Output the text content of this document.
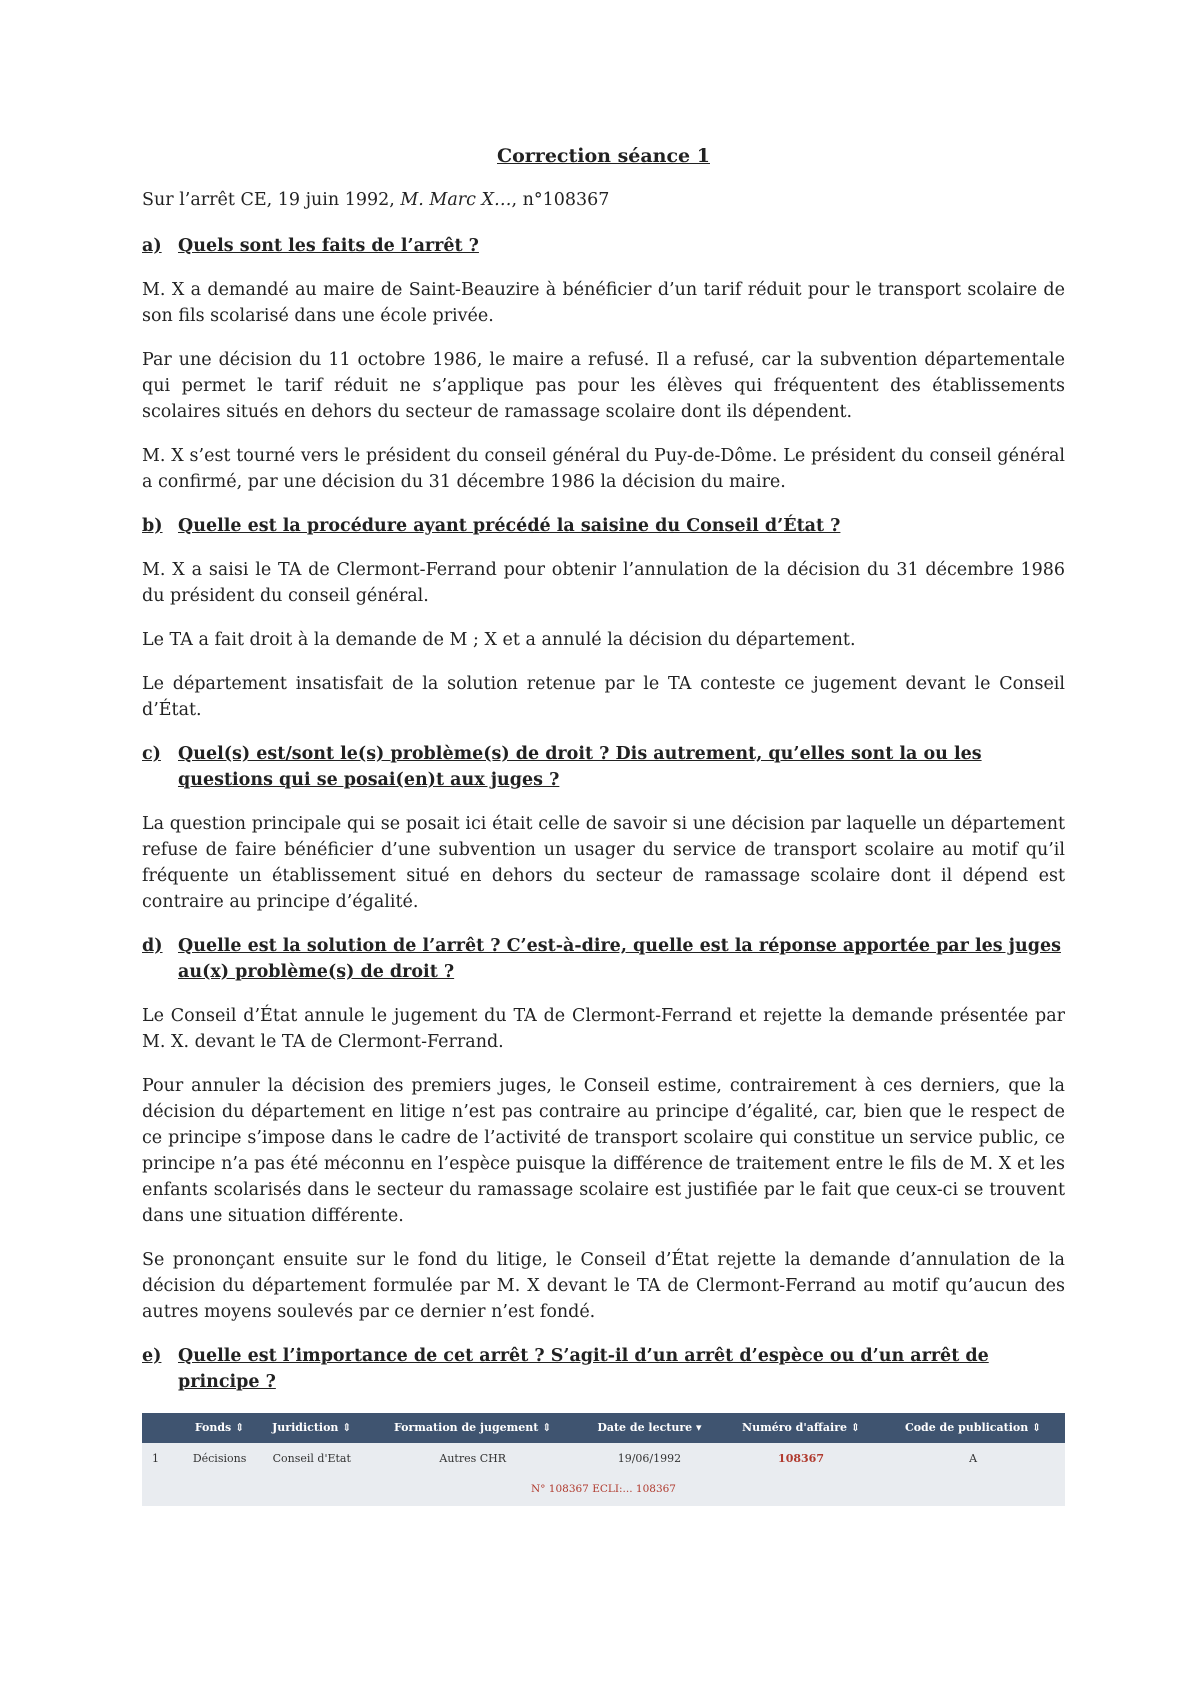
Correction séance 1
Sur l’arrêt CE, 19 juin 1992, M. Marc X…, n°108367
a) Quels sont les faits de l’arrêt ?

M. X a demandé au maire de Saint-Beauzire à bénéficier d’un tarif réduit pour le transport scolaire de son fils scolarisé dans une école privée.

Par une décision du 11 octobre 1986, le maire a refusé. Il a refusé, car la subvention départementale qui permet le tarif réduit ne s’applique pas pour les élèves qui fréquentent des établissements scolaires situés en dehors du secteur de ramassage scolaire dont ils dépendent.

M. X s’est tourné vers le président du conseil général du Puy-de-Dôme. Le président du conseil général a confirmé, par une décision du 31 décembre 1986 la décision du maire.

b) Quelle est la procédure ayant précédé la saisine du Conseil d’État ?

M. X a saisi le TA de Clermont-Ferrand pour obtenir l’annulation de la décision du 31 décembre 1986 du président du conseil général.

Le TA a fait droit à la demande de M ; X et a annulé la décision du département.

Le département insatisfait de la solution retenue par le TA conteste ce jugement devant le Conseil d’État.

c) Quel(s) est/sont le(s) problème(s) de droit ? Dis autrement, qu’elles sont la ou les questions qui se posai(en)t aux juges ?

La question principale qui se posait ici était celle de savoir si une décision par laquelle un département refuse de faire bénéficier d’une subvention un usager du service de transport scolaire au motif qu’il fréquente un établissement situé en dehors du secteur de ramassage scolaire dont il dépend est contraire au principe d’égalité.

d) Quelle est la solution de l’arrêt ? C’est-à-dire, quelle est la réponse apportée par les juges au(x) problème(s) de droit ?

Le Conseil d’État annule le jugement du TA de Clermont-Ferrand et rejette la demande présentée par M. X. devant le TA de Clermont-Ferrand.

Pour annuler la décision des premiers juges, le Conseil estime, contrairement à ces derniers, que la décision du département en litige n’est pas contraire au principe d’égalité, car, bien que le respect de ce principe s’impose dans le cadre de l’activité de transport scolaire qui constitue un service public, ce principe n’a pas été méconnu en l’espèce puisque la différence de traitement entre le fils de M. X et les enfants scolarisés dans le secteur du ramassage scolaire est justifiée par le fait que ceux-ci se trouvent dans une situation différente.

Se prononçant ensuite sur le fond du litige, le Conseil d’État rejette la demande d’annulation de la décision du département formulée par M. X devant le TA de Clermont-Ferrand au motif qu’aucun des autres moyens soulevés par ce dernier n’est fondé.

e) Quelle est l’importance de cet arrêt ? S’agit-il d’un arrêt d’espèce ou d’un arrêt de principe ?
	Fonds ⇕	Juridiction ⇕	Formation de jugement ⇕	Date de lecture ▾	Numéro d'affaire ⇕	Code de publication ⇕
1	Décisions	Conseil d'Etat	Autres CHR	19/06/1992	108367	A
N° 108367 ECLI:... 108367						
